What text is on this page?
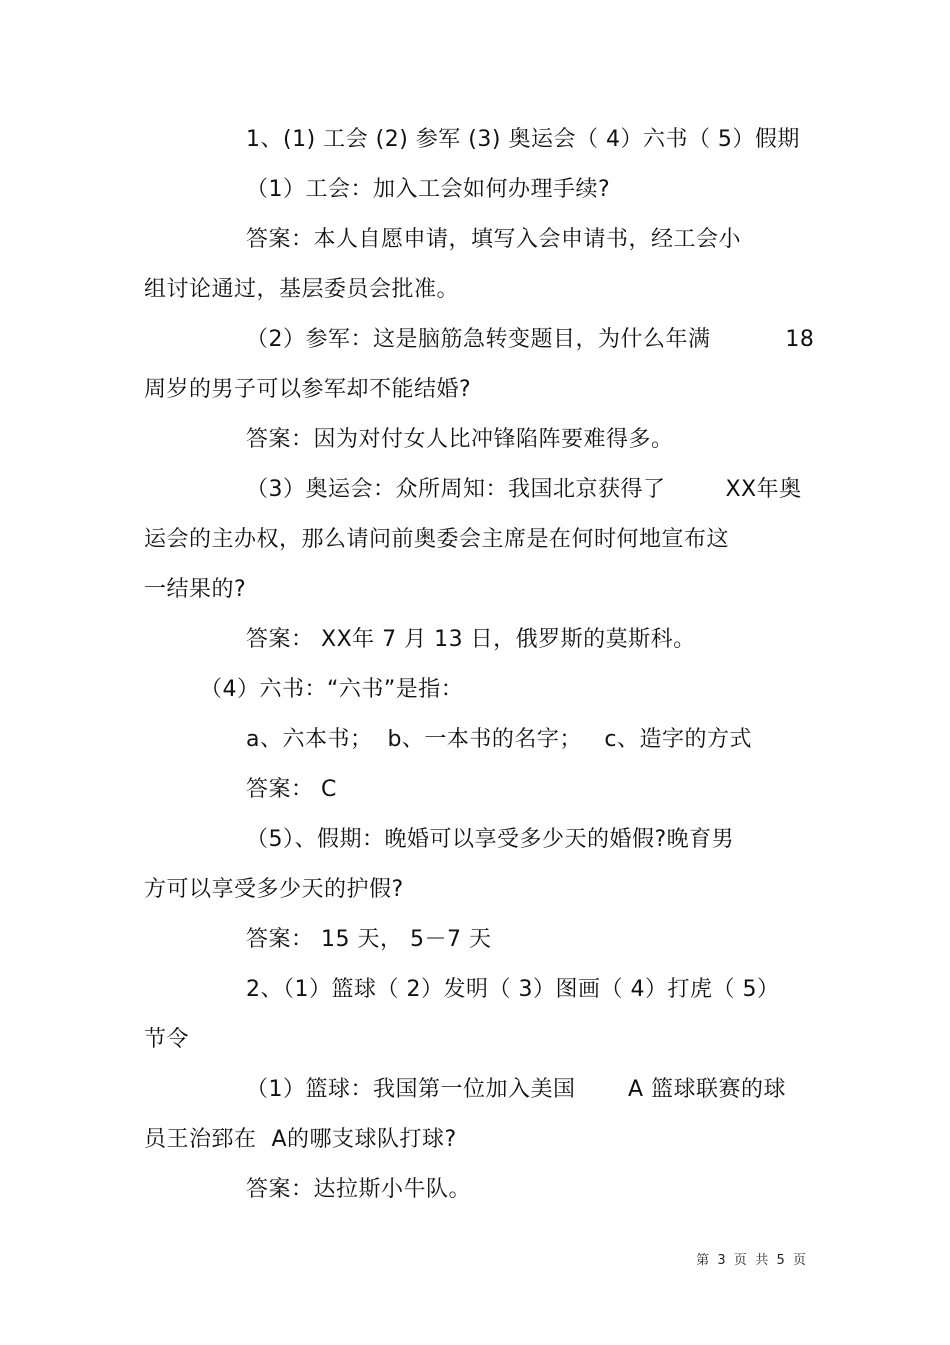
1、(1) 工会 (2) 参军 (3) 奥运会（ 4）六书（ 5）假期
（1）工会：加入工会如何办理手续?
答案：本人自愿申请，填写入会申请书，经工会小
组讨论通过，基层委员会批准。
（2）参军：这是脑筋急转变题目，为什么年满          18
周岁的男子可以参军却不能结婚?
答案：因为对付女人比冲锋陷阵要难得多。
（3）奥运会：众所周知：我国北京获得了        XX年奥
运会的主办权，那么请问前奥委会主席是在何时何地宣布这
一结果的?
答案： XX年 7 月 13 日，俄罗斯的莫斯科。
（4）六书：“六书”是指：
a、六本书；  b、一本书的名字；   c、造字的方式
答案： C
（5）、假期：晚婚可以享受多少天的婚假?晚育男
方可以享受多少天的护假?
答案： 15 天， 5－7 天
2、（1）篮球（ 2）发明（ 3）图画（ 4）打虎（ 5）
节令
（1）篮球：我国第一位加入美国       A 篮球联赛的球
员王治郅在  A的哪支球队打球?
答案：达拉斯小牛队。
第  3  页  共  5  页
